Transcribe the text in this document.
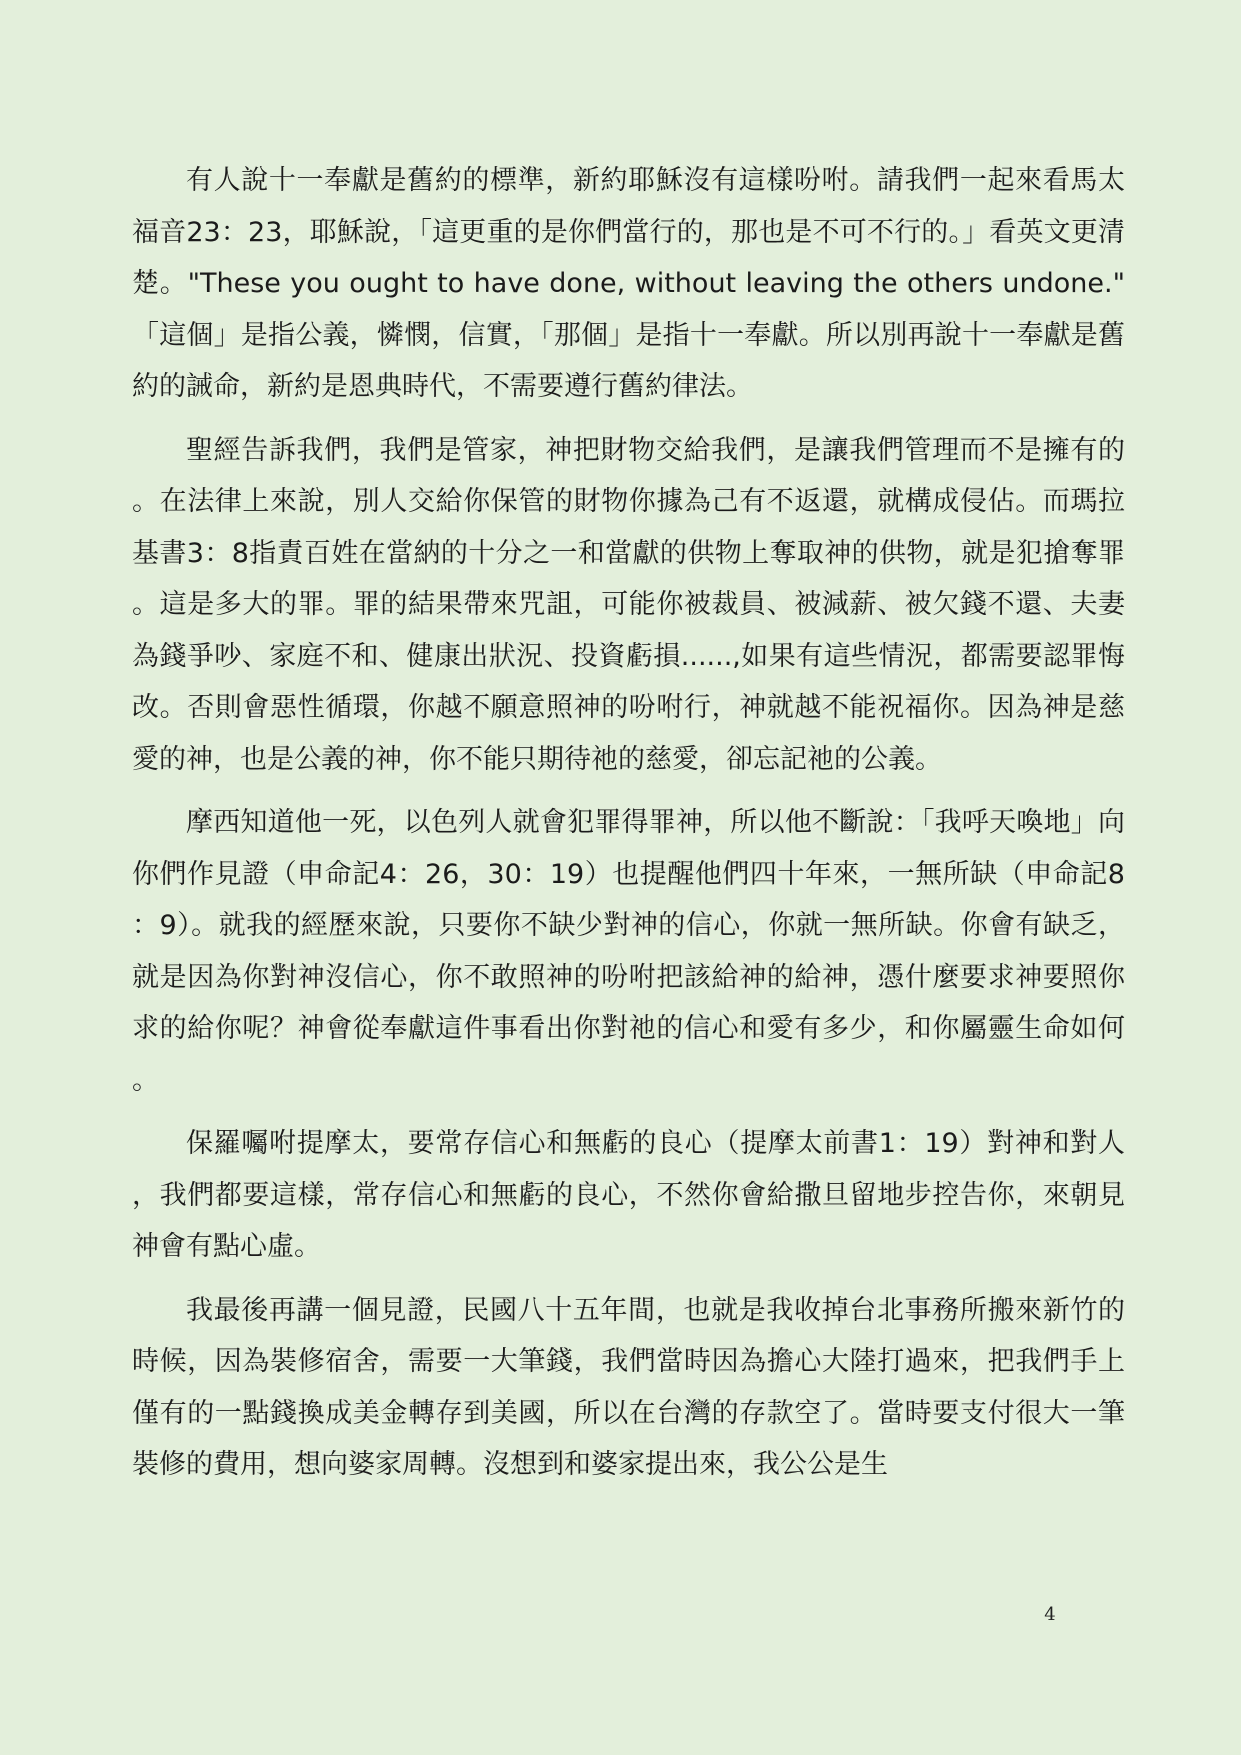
有人說十一奉獻是舊約的標準，新約耶穌沒有這樣吩咐。請我們一起來看馬太福音23：23，耶穌說，「這更重的是你們當行的，那也是不可不行的。」看英文更清楚。"These you ought to have done, without leaving the others undone."「這個」是指公義，憐憫，信實，「那個」是指十一奉獻。所以別再說十一奉獻是舊約的誡命，新約是恩典時代，不需要遵行舊約律法。

聖經告訴我們，我們是管家，神把財物交給我們，是讓我們管理而不是擁有的。在法律上來說，別人交給你保管的財物你據為己有不返還，就構成侵佔。而瑪拉基書3：8指責百姓在當納的十分之一和當獻的供物上奪取神的供物，就是犯搶奪罪。這是多大的罪。罪的結果帶來咒詛，可能你被裁員、被減薪、被欠錢不還、夫妻為錢爭吵、家庭不和、健康出狀況、投資虧損......,如果有這些情況，都需要認罪悔改。否則會惡性循環，你越不願意照神的吩咐行，神就越不能祝福你。因為神是慈愛的神，也是公義的神，你不能只期待祂的慈愛，卻忘記祂的公義。

摩西知道他一死，以色列人就會犯罪得罪神，所以他不斷說：「我呼天喚地」向你們作見證（申命記4：26，30：19）也提醒他們四十年來，一無所缺（申命記8：9）。就我的經歷來說，只要你不缺少對神的信心，你就一無所缺。你會有缺乏，就是因為你對神沒信心，你不敢照神的吩咐把該給神的給神，憑什麼要求神要照你求的給你呢？神會從奉獻這件事看出你對祂的信心和愛有多少，和你屬靈生命如何。

保羅囑咐提摩太，要常存信心和無虧的良心（提摩太前書1：19）對神和對人，我們都要這樣，常存信心和無虧的良心，不然你會給撒旦留地步控告你，來朝見神會有點心虛。

我最後再講一個見證，民國八十五年間，也就是我收掉台北事務所搬來新竹的時候，因為裝修宿舍，需要一大筆錢，我們當時因為擔心大陸打過來，把我們手上僅有的一點錢換成美金轉存到美國，所以在台灣的存款空了。當時要支付很大一筆裝修的費用，想向婆家周轉。沒想到和婆家提出來，我公公是生

4
